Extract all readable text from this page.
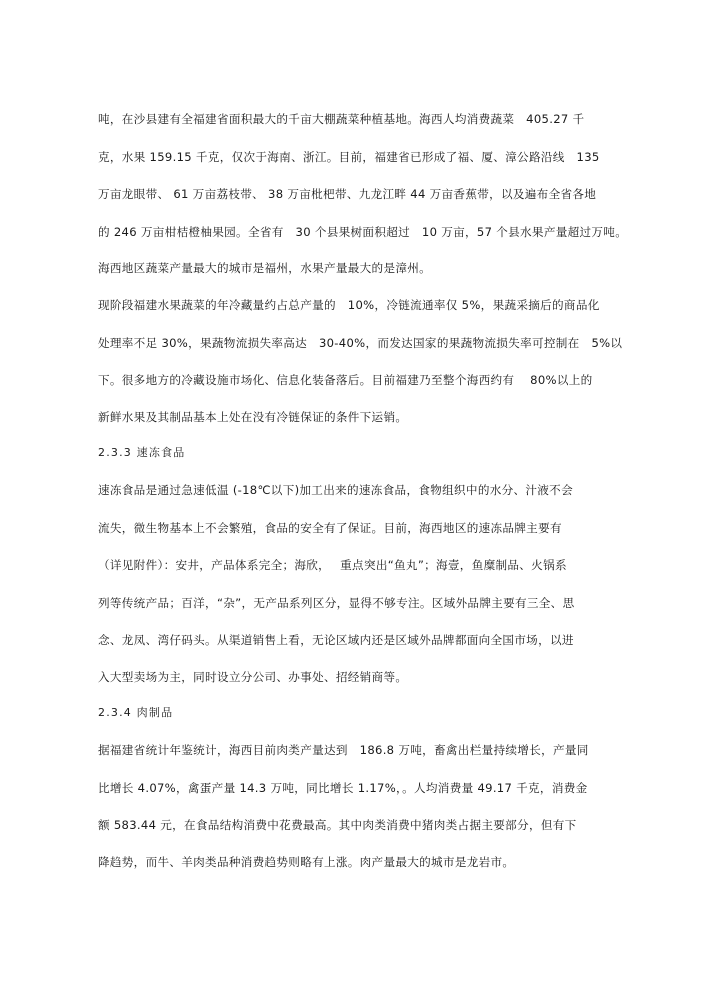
吨，在沙县建有全福建省面积最大的千亩大棚蔬菜种植基地。海西人均消费蔬菜　405.27 千
克，水果 159.15 千克，仅次于海南、浙江。目前，福建省已形成了福、厦、漳公路沿线　135
万亩龙眼带、 61 万亩荔枝带、 38 万亩枇杷带、九龙江畔 44 万亩香蕉带，以及遍布全省各地
的 246 万亩柑桔橙柚果园。全省有　30 个县果树面积超过　10 万亩，57 个县水果产量超过万吨。
海西地区蔬菜产量最大的城市是福州，水果产量最大的是漳州。
现阶段福建水果蔬菜的年冷藏量约占总产量的　10%，冷链流通率仅 5%，果蔬采摘后的商品化
处理率不足 30%，果蔬物流损失率高达　30-40%，而发达国家的果蔬物流损失率可控制在　5%以
下。很多地方的冷藏设施市场化、信息化装备落后。目前福建乃至整个海西约有　 80%以上的
新鲜水果及其制品基本上处在没有冷链保证的条件下运销。
2.3.3 速冻食品
速冻食品是通过急速低温 (-18℃以下)加工出来的速冻食品，食物组织中的水分、汁液不会
流失，微生物基本上不会繁殖，食品的安全有了保证。目前，海西地区的速冻品牌主要有
（详见附件）：安井，产品体系完全；海欣，　 重点突出“鱼丸”；海壹，鱼糜制品、火锅系
列等传统产品；百洋，“杂”，无产品系列区分，显得不够专注。区域外品牌主要有三全、思
念、龙凤、湾仔码头。从渠道销售上看，无论区域内还是区域外品牌都面向全国市场，以进
入大型卖场为主，同时设立分公司、办事处、招经销商等。
2.3.4 肉制品
据福建省统计年鉴统计，海西目前肉类产量达到　186.8 万吨，畜禽出栏量持续增长，产量同
比增长 4.07%，禽蛋产量 14.3 万吨，同比增长 1.17%，。人均消费量 49.17 千克，消费金
额 583.44 元，在食品结构消费中花费最高。其中肉类消费中猪肉类占据主要部分，但有下
降趋势，而牛、羊肉类品种消费趋势则略有上涨。肉产量最大的城市是龙岩市。
